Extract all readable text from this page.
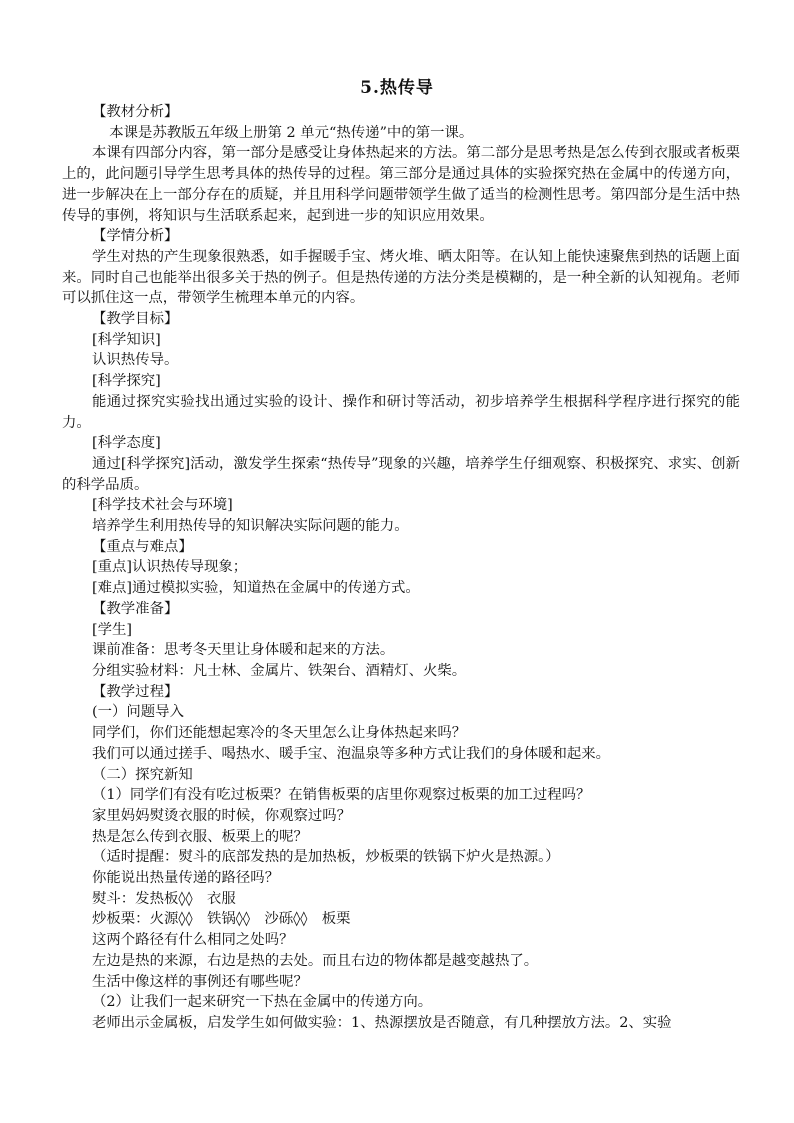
5.热传导

【教材分析】

本课是苏教版五年级上册第 2 单元“热传递”中的第一课。

本课有四部分内容，第一部分是感受让身体热起来的方法。第二部分是思考热是怎么传到衣服或者板栗上的，此问题引导学生思考具体的热传导的过程。第三部分是通过具体的实验探究热在金属中的传递方向，进一步解决在上一部分存在的质疑，并且用科学问题带领学生做了适当的检测性思考。第四部分是生活中热传导的事例，将知识与生活联系起来，起到进一步的知识应用效果。

【学情分析】

学生对热的产生现象很熟悉，如手握暖手宝、烤火堆、晒太阳等。在认知上能快速聚焦到热的话题上面来。同时自己也能举出很多关于热的例子。但是热传递的方法分类是模糊的，是一种全新的认知视角。老师可以抓住这一点，带领学生梳理本单元的内容。

【教学目标】

[科学知识]

认识热传导。

[科学探究]

能通过探究实验找出通过实验的设计、操作和研讨等活动，初步培养学生根据科学程序进行探究的能力。

[科学态度]

通过[科学探究]活动，激发学生探索“热传导”现象的兴趣，培养学生仔细观察、积极探究、求实、创新的科学品质。

[科学技术社会与环境]

培养学生利用热传导的知识解决实际问题的能力。

【重点与难点】

[重点]认识热传导现象；

[难点]通过模拟实验，知道热在金属中的传递方式。

【教学准备】

[学生]

课前准备：思考冬天里让身体暖和起来的方法。

分组实验材料：凡士林、金属片、铁架台、酒精灯、火柴。

【教学过程】

(一）问题导入

同学们，你们还能想起寒冷的冬天里怎么让身体热起来吗？

我们可以通过搓手、喝热水、暖手宝、泡温泉等多种方式让我们的身体暖和起来。

（二）探究新知

（1）同学们有没有吃过板栗？在销售板栗的店里你观察过板栗的加工过程吗？

家里妈妈熨烫衣服的时候，你观察过吗？

热是怎么传到衣服、板栗上的呢？

（适时提醒：熨斗的底部发热的是加热板，炒板栗的铁锅下炉火是热源。）

你能说出热量传递的路径吗？

熨斗：发热板◊◊　衣服

炒板栗：火源◊◊　铁锅◊◊　沙砾◊◊　板栗

这两个路径有什么相同之处吗？

左边是热的来源，右边是热的去处。而且右边的物体都是越变越热了。

生活中像这样的事例还有哪些呢？

（2）让我们一起来研究一下热在金属中的传递方向。

老师出示金属板，启发学生如何做实验：1、热源摆放是否随意，有几种摆放方法。2、实验
